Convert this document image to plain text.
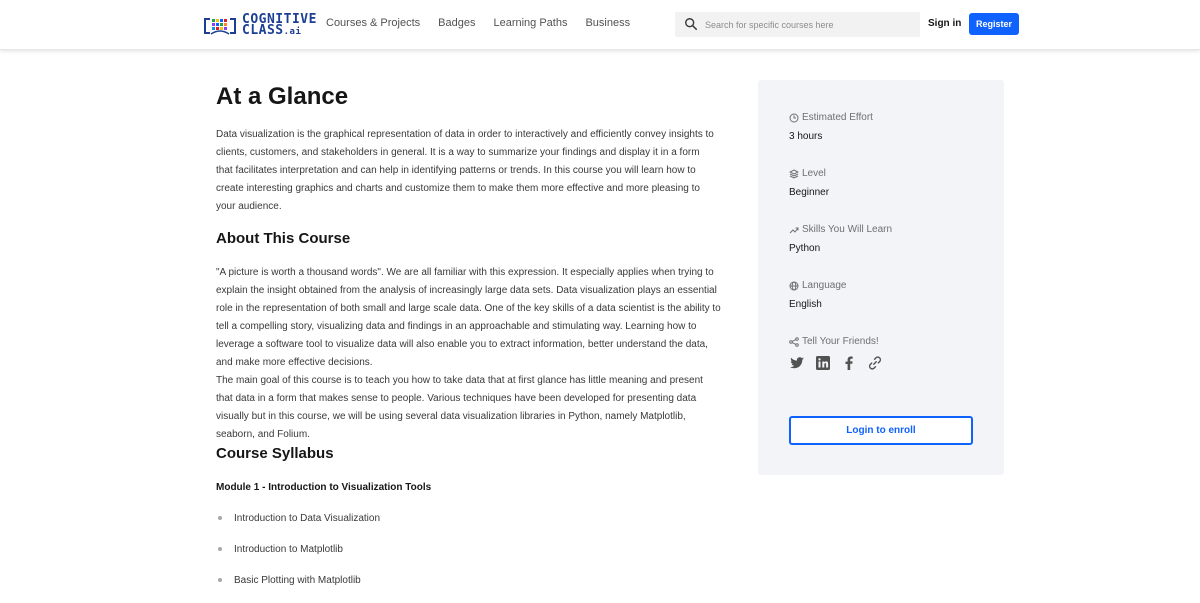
COGNITIVE
CLASS.ai
Courses & Projects Badges Learning Paths Business
Search for specific courses here	Sign in	Register
At a Glance

Data visualization is the graphical representation of data in order to interactively and efficiently convey insights to clients, customers, and stakeholders in general. It is a way to summarize your findings and display it in a form that facilitates interpretation and can help in identifying patterns or trends. In this course you will learn how to create interesting graphics and charts and customize them to make them more effective and more pleasing to your audience.

About This Course

"A picture is worth a thousand words". We are all familiar with this expression. It especially applies when trying to explain the insight obtained from the analysis of increasingly large data sets. Data visualization plays an essential role in the representation of both small and large scale data. One of the key skills of a data scientist is the ability to tell a compelling story, visualizing data and findings in an approachable and stimulating way. Learning how to leverage a software tool to visualize data will also enable you to extract information, better understand the data, and make more effective decisions.

The main goal of this course is to teach you how to take data that at first glance has little meaning and present that data in a form that makes sense to people. Various techniques have been developed for presenting data visually but in this course, we will be using several data visualization libraries in Python, namely Matplotlib, seaborn, and Folium.

Course Syllabus
Module 1 - Introduction to Visualization Tools
Introduction to Data Visualization
Introduction to Matplotlib
Basic Plotting with Matplotlib
Estimated Effort
3 hours
Level
Beginner
Skills You Will Learn
Python
Language
English
Tell Your Friends!
Login to enroll
